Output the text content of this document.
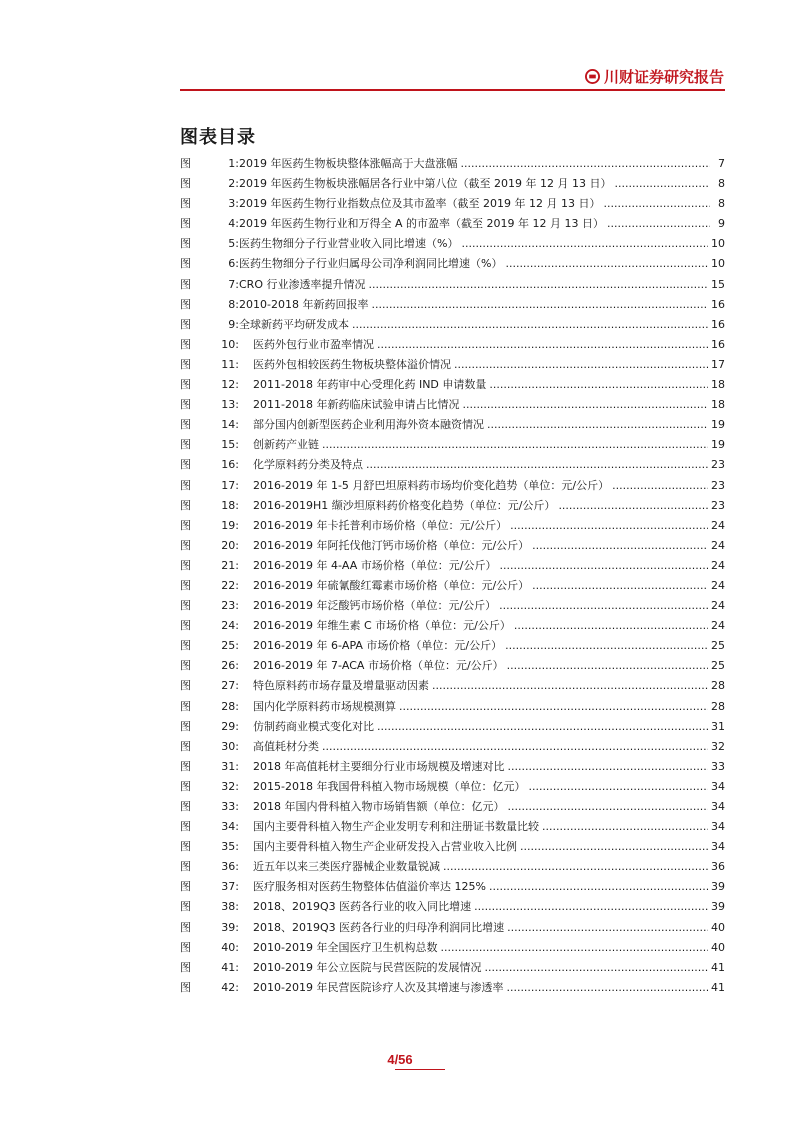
川财证券研究报告
图表目录
图	1: 2019 年医药生物板块整体涨幅高于大盘涨幅 .....	7
图	2: 2019 年医药生物板块涨幅居各行业中第八位（截至 2019 年 12 月 13 日） .....	8
图	3: 2019 年医药生物行业指数点位及其市盈率（截至 2019 年 12 月 13 日） .....	8
图	4: 2019 年医药生物行业和万得全 A 的市盈率（截至 2019 年 12 月 13 日） .....	9
图	5: 医药生物细分子行业营业收入同比增速（%） .....	10
图	6: 医药生物细分子行业归属母公司净利润同比增速（%） .....	10
图	7: CRO 行业渗透率提升情况 .....	15
图	8: 2010-2018 年新药回报率 .....	16
图	9: 全球新药平均研发成本 .....	16
图	10:	医药外包行业市盈率情况 .....	16
图	11:	医药外包相较医药生物板块整体溢价情况 .....	17
图	12:	2011-2018 年药审中心受理化药 IND 申请数量 .....	18
图	13:	2011-2018 年新药临床试验申请占比情况 .....	18
图	14:	部分国内创新型医药企业利用海外资本融资情况 .....	19
图	15:	创新药产业链 .....	19
图	16:	化学原料药分类及特点 .....	23
图	17:	2016-2019 年 1-5 月舒巴坦原料药市场均价变化趋势（单位：元/公斤） .....	23
图	18:	2016-2019H1 缬沙坦原料药价格变化趋势（单位：元/公斤） .....	23
图	19:	2016-2019 年卡托普利市场价格（单位：元/公斤） .....	24
图	20:	2016-2019 年阿托伐他汀钙市场价格（单位：元/公斤） .....	24
图	21:	2016-2019 年 4-AA 市场价格（单位：元/公斤） .....	24
图	22:	2016-2019 年硫氰酸红霉素市场价格（单位：元/公斤） .....	24
图	23:	2016-2019 年泛酸钙市场价格（单位：元/公斤） .....	24
图	24:	2016-2019 年维生素 C 市场价格（单位：元/公斤） .....	24
图	25:	2016-2019 年 6-APA 市场价格（单位：元/公斤） .....	25
图	26:	2016-2019 年 7-ACA 市场价格（单位：元/公斤） .....	25
图	27:	特色原料药市场存量及增量驱动因素 .....	28
图	28:	国内化学原料药市场规模测算 .....	28
图	29:	仿制药商业模式变化对比 .....	31
图	30:	高值耗材分类 .....	32
图	31:	2018 年高值耗材主要细分行业市场规模及增速对比 .....	33
图	32:	2015-2018 年我国骨科植入物市场规模（单位：亿元） .....	34
图	33:	2018 年国内骨科植入物市场销售额（单位：亿元） .....	34
图	34:	国内主要骨科植入物生产企业发明专利和注册证书数量比较 .....	34
图	35:	国内主要骨科植入物生产企业研发投入占营业收入比例 .....	34
图	36:	近五年以来三类医疗器械企业数量锐减 .....	36
图	37:	医疗服务相对医药生物整体估值溢价率达 125% .....	39
图	38:	2018、2019Q3 医药各行业的收入同比增速 .....	39
图	39:	2018、2019Q3 医药各行业的归母净利润同比增速 .....	40
图	40:	2010-2019 年全国医疗卫生机构总数 .....	40
图	41:	2010-2019 年公立医院与民营医院的发展情况 .....	41
图	42:	2010-2019 年民营医院诊疗人次及其增速与渗透率 .....	41
4/56
